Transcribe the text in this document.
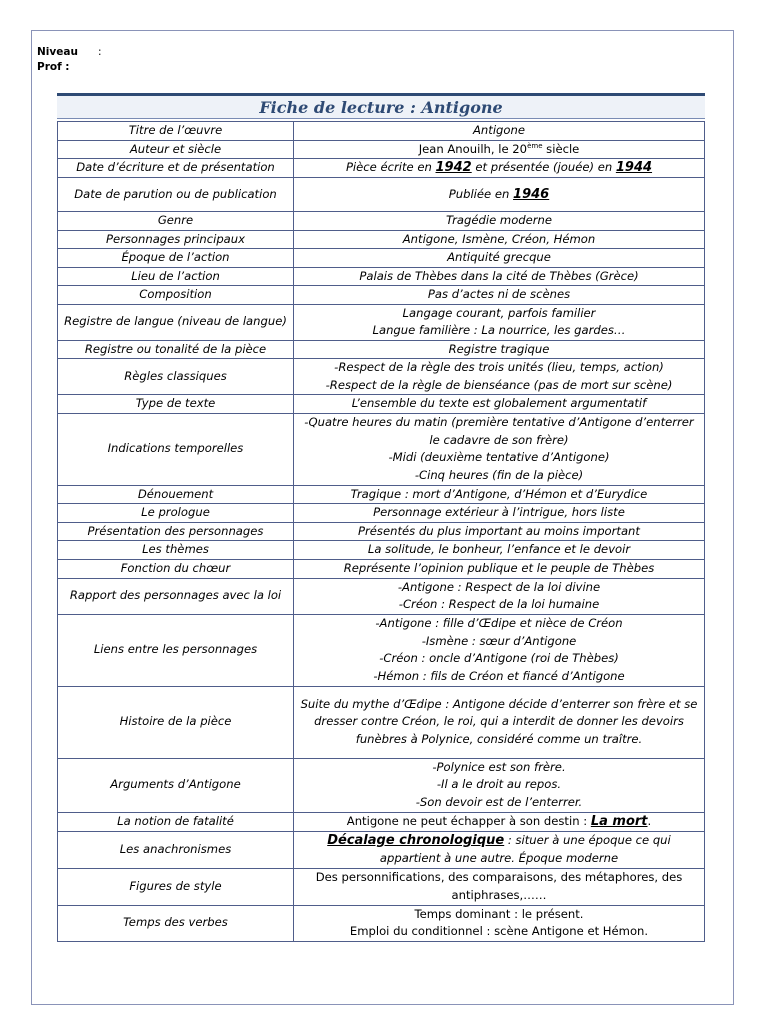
Niveau :
Prof :
Fiche de lecture : Antigone
Titre de l’œuvre	Antigone
Auteur et siècle	Jean Anouilh, le 20ème siècle
Date d’écriture et de présentation	Pièce écrite en 1942 et présentée (jouée) en 1944
Date de parution ou de publication	Publiée en 1946
Genre	Tragédie moderne
Personnages principaux	Antigone, Ismène, Créon, Hémon
Époque de l’action	Antiquité grecque
Lieu de l’action	Palais de Thèbes dans la cité de Thèbes (Grèce)
Composition	Pas d’actes ni de scènes
Registre de langue (niveau de langue)	Langage courant, parfois familier
Langue familière : La nourrice, les gardes…

Registre ou tonalité de la pièce	Registre tragique
Règles classiques	-Respect de la règle des trois unités (lieu, temps, action)
-Respect de la règle de bienséance (pas de mort sur scène)

Type de texte	L’ensemble du texte est globalement argumentatif
Indications temporelles	-Quatre heures du matin (première tentative d’Antigone d’enterrer le cadavre de son frère)
-Midi (deuxième tentative d’Antigone)
-Cinq heures (fin de la pièce)

Dénouement	Tragique : mort d’Antigone, d’Hémon et d’Eurydice
Le prologue	Personnage extérieur à l’intrigue, hors liste
Présentation des personnages	Présentés du plus important au moins important
Les thèmes	La solitude, le bonheur, l’enfance et le devoir
Fonction du chœur	Représente l’opinion publique et le peuple de Thèbes
Rapport des personnages avec la loi	-Antigone : Respect de la loi divine
-Créon : Respect de la loi humaine

Liens entre les personnages	-Antigone : fille d’Œdipe et nièce de Créon
-Ismène : sœur d’Antigone
-Créon : oncle d’Antigone (roi de Thèbes)
-Hémon : fils de Créon et fiancé d’Antigone

Histoire de la pièce	Suite du mythe d’Œdipe : Antigone décide d’enterrer son frère et se dresser contre Créon, le roi, qui a interdit de donner les devoirs funèbres à Polynice, considéré comme un traître.
Arguments d’Antigone	-Polynice est son frère.
-Il a le droit au repos.
-Son devoir est de l’enterrer.

La notion de fatalité	Antigone ne peut échapper à son destin : La mort.
Les anachronismes	Décalage chronologique : situer à une époque ce qui appartient à une autre. Époque moderne
Figures de style	Des personnifications, des comparaisons, des métaphores, des antiphrases,……
Temps des verbes	Temps dominant : le présent.
Emploi du conditionnel : scène Antigone et Hémon.
